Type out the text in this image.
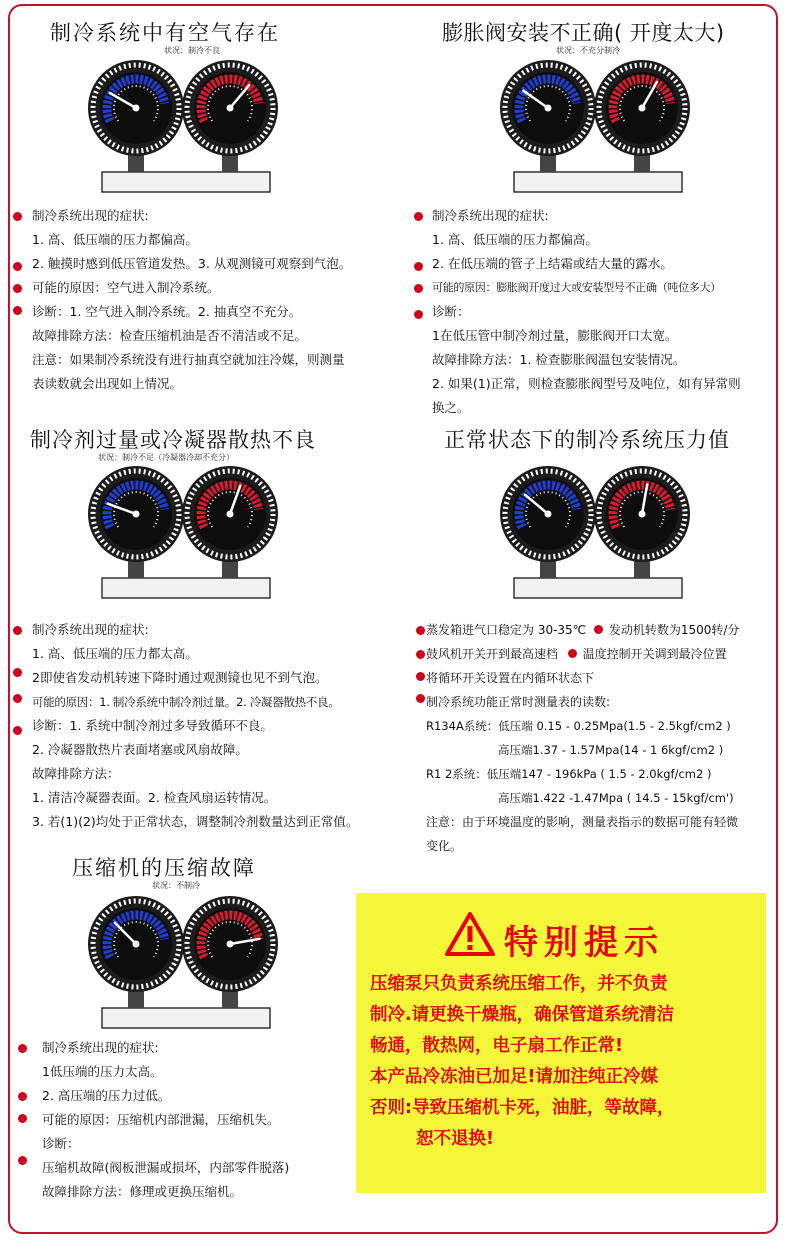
制冷系统中有空气存在
状况：制冷不良
制冷系统出现的症状:
1. 高、低压端的压力都偏高。
2. 触摸时感到低压管道发热。3. 从观测镜可观察到气泡。
可能的原因：空气进入制冷系统。
诊断：1. 空气进入制冷系统。2. 抽真空不充分。
故障排除方法：检查压缩机油是否不清洁或不足。
注意：如果制冷系统没有进行抽真空就加注冷媒，则测量
表读数就会出现如上情况。
膨胀阀安装不正确( 开度太大)
状况：不充分制冷
制冷系统出现的症状:
1. 高、低压端的压力都偏高。
2. 在低压端的管子上结霜或结大量的露水。
可能的原因：膨胀阀开度过大或安装型号不正确（吨位多大）
诊断：
1在低压管中制冷剂过量，膨胀阀开口太宽。
故障排除方法：1. 检查膨胀阀温包安装情况。
2. 如果(1)正常，则检查膨胀阀型号及吨位，如有异常则
换之。
制冷剂过量或冷凝器散热不良
状况：制冷不足（冷凝器冷却不充分）
制冷系统出现的症状:
1. 高、低压端的压力都太高。
2即使省发动机转速下降时通过观测镜也见不到气泡。
可能的原因：1. 制冷系统中制冷剂过量。2. 冷凝器散热不良。
诊断：1. 系统中制冷剂过多导致循环不良。
2. 冷凝器散热片表面堵塞或风扇故障。
故障排除方法：
1. 清洁冷凝器表面。2. 检查风扇运转情况。
3. 若(1)(2)均处于正常状态，调整制冷剂数量达到正常值。
正常状态下的制冷系统压力值
蒸发箱进气口稳定为 30-35℃ 发动机转数为1500转/分
鼓风机开关开到最高速档 温度控制开关调到最冷位置
将循环开关设置在内循环状态下
制冷系统功能正常时测量表的读数:
R134A系统：低压端 0.15 - 0.25Mpa(1.5 - 2.5kgf/cm2 )
高压端1.37 - 1.57Mpa(14 - 1 6kgf/cm2 )
R1 2系统：低压端147 - 196kPa ( 1.5 - 2.0kgf/cm2 )
高压端1.422 -1.47Mpa ( 14.5 - 15kgf/cm')
注意：由于环境温度的影响，测量表指示的数据可能有轻微
变化。
压缩机的压缩故障
状况：不制冷
制冷系统出现的症状:
1低压端的压力太高。
2. 高压端的压力过低。
可能的原因：压缩机内部泄漏，压缩机失。
诊断：
压缩机故障(阀板泄漏或损坏，内部零件脱落)
故障排除方法：修理或更换压缩机。
特别提示
压缩泵只负责系统压缩工作，并不负责
制冷.请更换干燥瓶，确保管道系统清洁
畅通，散热网，电子扇工作正常!
本产品冷冻油已加足!请加注纯正冷媒
否则:导致压缩机卡死，油脏，等故障，
恕不退换!
